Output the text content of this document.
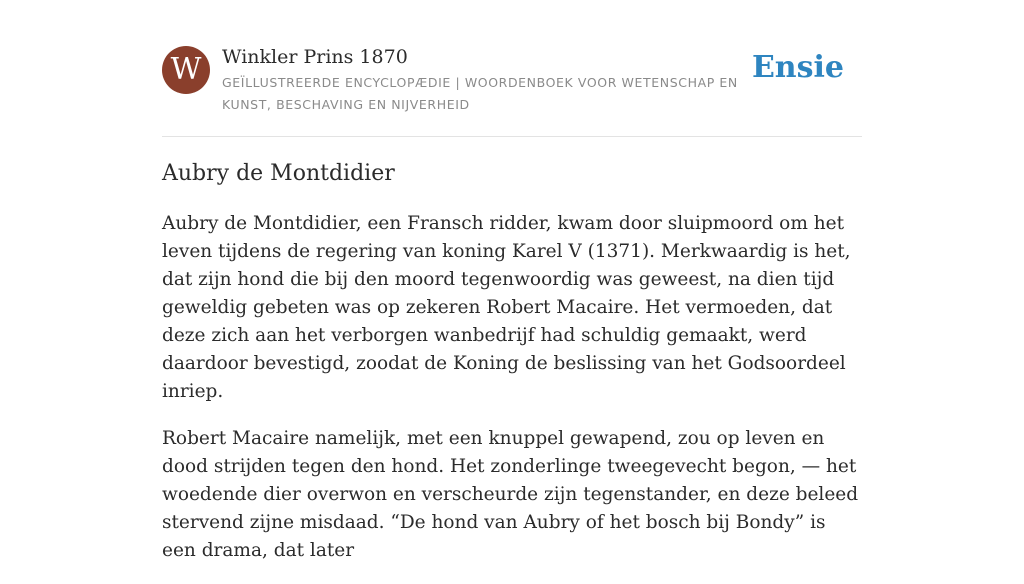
W	Winkler Prins 1870
GEÏLLUSTREERDE ENCYCLOPÆDIE | WOORDENBOEK VOOR WETENSCHAP EN KUNST, BESCHAVING EN NIJVERHEID
Ensie
Aubry de Montdidier

Aubry de Montdidier, een Fransch ridder, kwam door sluipmoord om het leven tijdens de regering van koning Karel V (1371). Merkwaardig is het, dat zijn hond die bij den moord tegenwoordig was geweest, na dien tijd geweldig gebeten was op zekeren Robert Macaire. Het vermoeden, dat deze zich aan het verborgen wanbedrijf had schuldig gemaakt, werd daardoor bevestigd, zoodat de Koning de beslissing van het Godsoordeel inriep.

Robert Macaire namelijk, met een knuppel gewapend, zou op leven en dood strijden tegen den hond. Het zonderlinge tweegevecht begon, — het woedende dier overwon en verscheurde zijn tegenstander, en deze beleed stervend zijne misdaad. “De hond van Aubry of het bosch bij Bondy” is een drama, dat later
